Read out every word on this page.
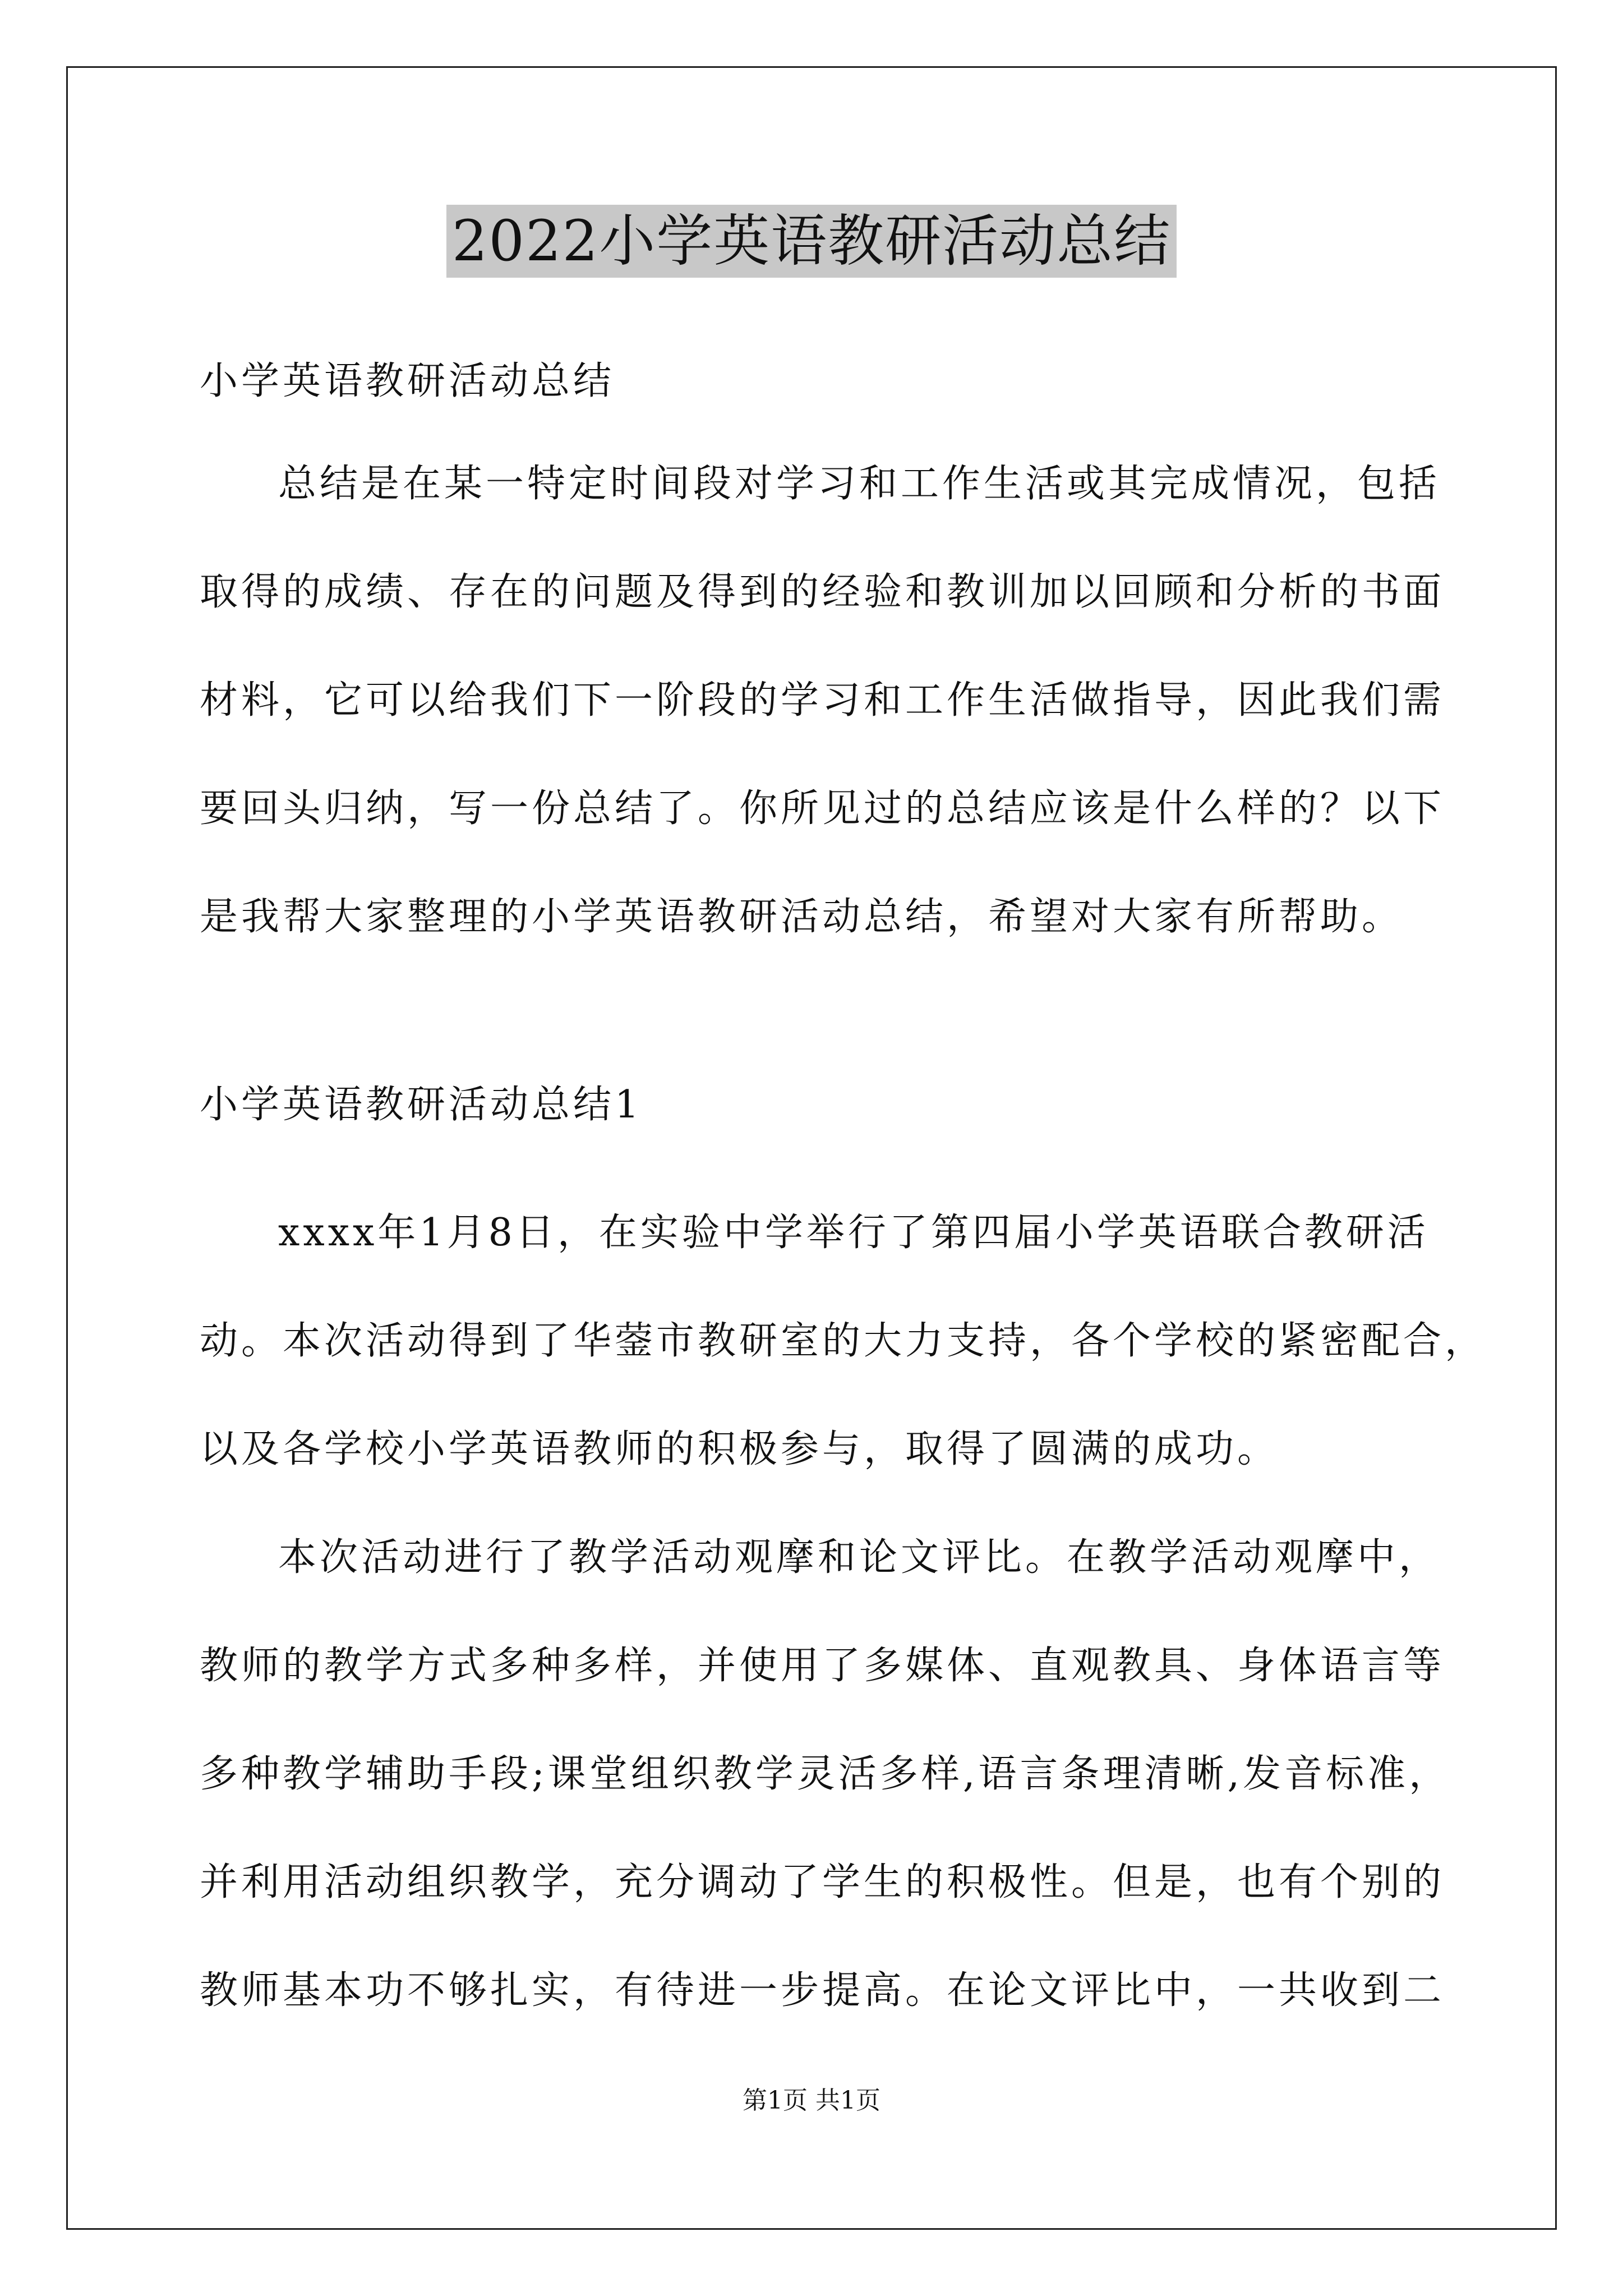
2022小学英语教研活动总结
小学英语教研活动总结
总结是在某一特定时间段对学习和工作生活或其完成情况，包括
取得的成绩、存在的问题及得到的经验和教训加以回顾和分析的书面
材料，它可以给我们下一阶段的学习和工作生活做指导，因此我们需
要回头归纳，写一份总结了。你所见过的总结应该是什么样的？以下
是我帮大家整理的小学英语教研活动总结，希望对大家有所帮助。
小学英语教研活动总结1
xxxx年1月8日，在实验中学举行了第四届小学英语联合教研活
动。本次活动得到了华蓥市教研室的大力支持，各个学校的紧密配合，
以及各学校小学英语教师的积极参与，取得了圆满的成功。
本次活动进行了教学活动观摩和论文评比。在教学活动观摩中，
教师的教学方式多种多样，并使用了多媒体、直观教具、身体语言等
多种教学辅助手段;课堂组织教学灵活多样,语言条理清晰,发音标准，
并利用活动组织教学，充分调动了学生的积极性。但是，也有个别的
教师基本功不够扎实，有待进一步提高。在论文评比中，一共收到二
第1页 共1页
